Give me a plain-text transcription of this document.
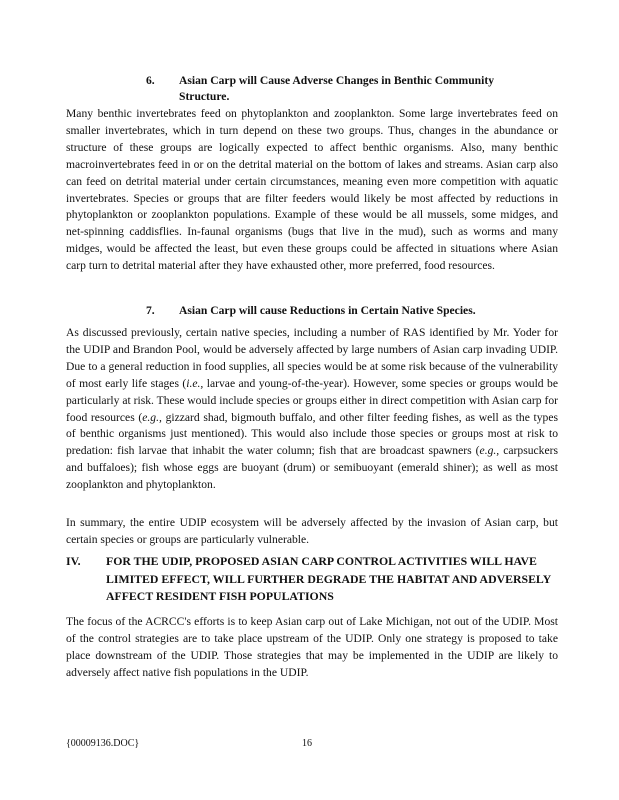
6. Asian Carp will Cause Adverse Changes in Benthic Community Structure.
Many benthic invertebrates feed on phytoplankton and zooplankton. Some large invertebrates feed on smaller invertebrates, which in turn depend on these two groups. Thus, changes in the abundance or structure of these groups are logically expected to affect benthic organisms. Also, many benthic macroinvertebrates feed in or on the detrital material on the bottom of lakes and streams. Asian carp also can feed on detrital material under certain circumstances, meaning even more competition with aquatic invertebrates. Species or groups that are filter feeders would likely be most affected by reductions in phytoplankton or zooplankton populations. Example of these would be all mussels, some midges, and net-spinning caddisflies. In-faunal organisms (bugs that live in the mud), such as worms and many midges, would be affected the least, but even these groups could be affected in situations where Asian carp turn to detrital material after they have exhausted other, more preferred, food resources.
7. Asian Carp will cause Reductions in Certain Native Species.
As discussed previously, certain native species, including a number of RAS identified by Mr. Yoder for the UDIP and Brandon Pool, would be adversely affected by large numbers of Asian carp invading UDIP. Due to a general reduction in food supplies, all species would be at some risk because of the vulnerability of most early life stages (i.e., larvae and young-of-the-year). However, some species or groups would be particularly at risk. These would include species or groups either in direct competition with Asian carp for food resources (e.g., gizzard shad, bigmouth buffalo, and other filter feeding fishes, as well as the types of benthic organisms just mentioned). This would also include those species or groups most at risk to predation: fish larvae that inhabit the water column; fish that are broadcast spawners (e.g., carpsuckers and buffaloes); fish whose eggs are buoyant (drum) or semibuoyant (emerald shiner); as well as most zooplankton and phytoplankton.
In summary, the entire UDIP ecosystem will be adversely affected by the invasion of Asian carp, but certain species or groups are particularly vulnerable.
IV. FOR THE UDIP, PROPOSED ASIAN CARP CONTROL ACTIVITIES WILL HAVE LIMITED EFFECT, WILL FURTHER DEGRADE THE HABITAT AND ADVERSELY AFFECT RESIDENT FISH POPULATIONS
The focus of the ACRCC's efforts is to keep Asian carp out of Lake Michigan, not out of the UDIP. Most of the control strategies are to take place upstream of the UDIP. Only one strategy is proposed to take place downstream of the UDIP. Those strategies that may be implemented in the UDIP are likely to adversely affect native fish populations in the UDIP.
{00009136.DOC}	16
